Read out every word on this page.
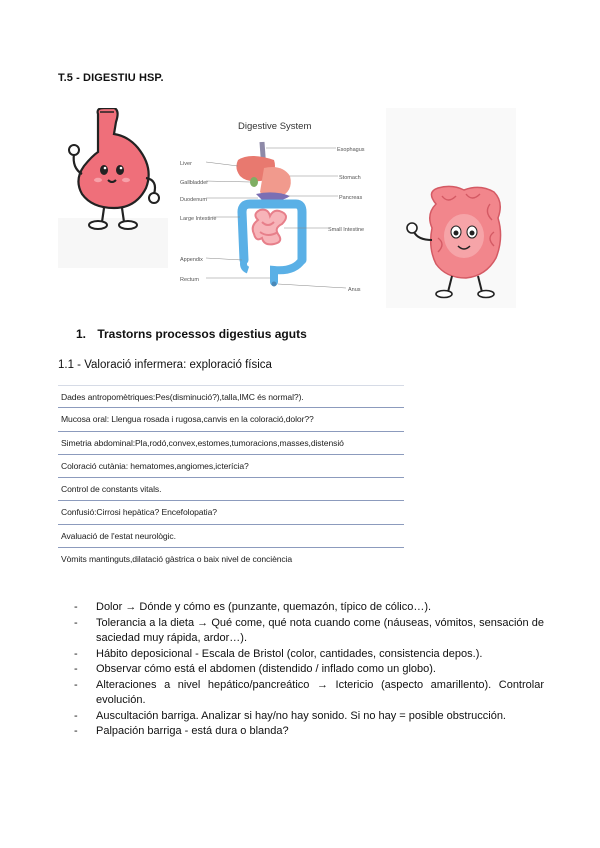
T.5 - DIGESTIU HSP.
Digestive System
Liver
Gallbladder
Duodenum
Large Intestine
Appendix
Rectum
Esophagus
Stomach
Pancreas
Small Intestine
Anus
1. Trastorns processos digestius aguts
1.1 - Valoració infermera: exploració física
Dades antropomètriques:Pes(disminució?),talla,IMC és normal?).
Mucosa oral: Llengua rosada i rugosa,canvis en la coloració,dolor??
Simetria abdominal:Pla,rodó,convex,estomes,tumoracions,masses,distensió
Coloració cutània: hematomes,angiomes,icterícia?
Control de constants vitals.
Confusió:Cirrosi hepàtica? Encefolopatia?
Avaluació de l'estat neurològic.
Vòmits mantinguts,dilatació gàstrica o baix nivel de conciència
-	Dolor → Dónde y cómo es (punzante, quemazón, típico de cólico…).
-	Tolerancia a la dieta → Qué come, qué nota cuando come (náuseas, vómitos, sensación de saciedad muy rápida, ardor…).
-	Hábito deposicional - Escala de Bristol (color, cantidades, consistencia depos.).
-	Observar cómo está el abdomen (distendido / inflado como un globo).
-	Alteraciones a nivel hepático/pancreático → Ictericio (aspecto amarillento). Controlar evolución.
-	Auscultación barriga. Analizar si hay/no hay sonido. Si no hay = posible obstrucción.
-	Palpación barriga - está dura o blanda?
